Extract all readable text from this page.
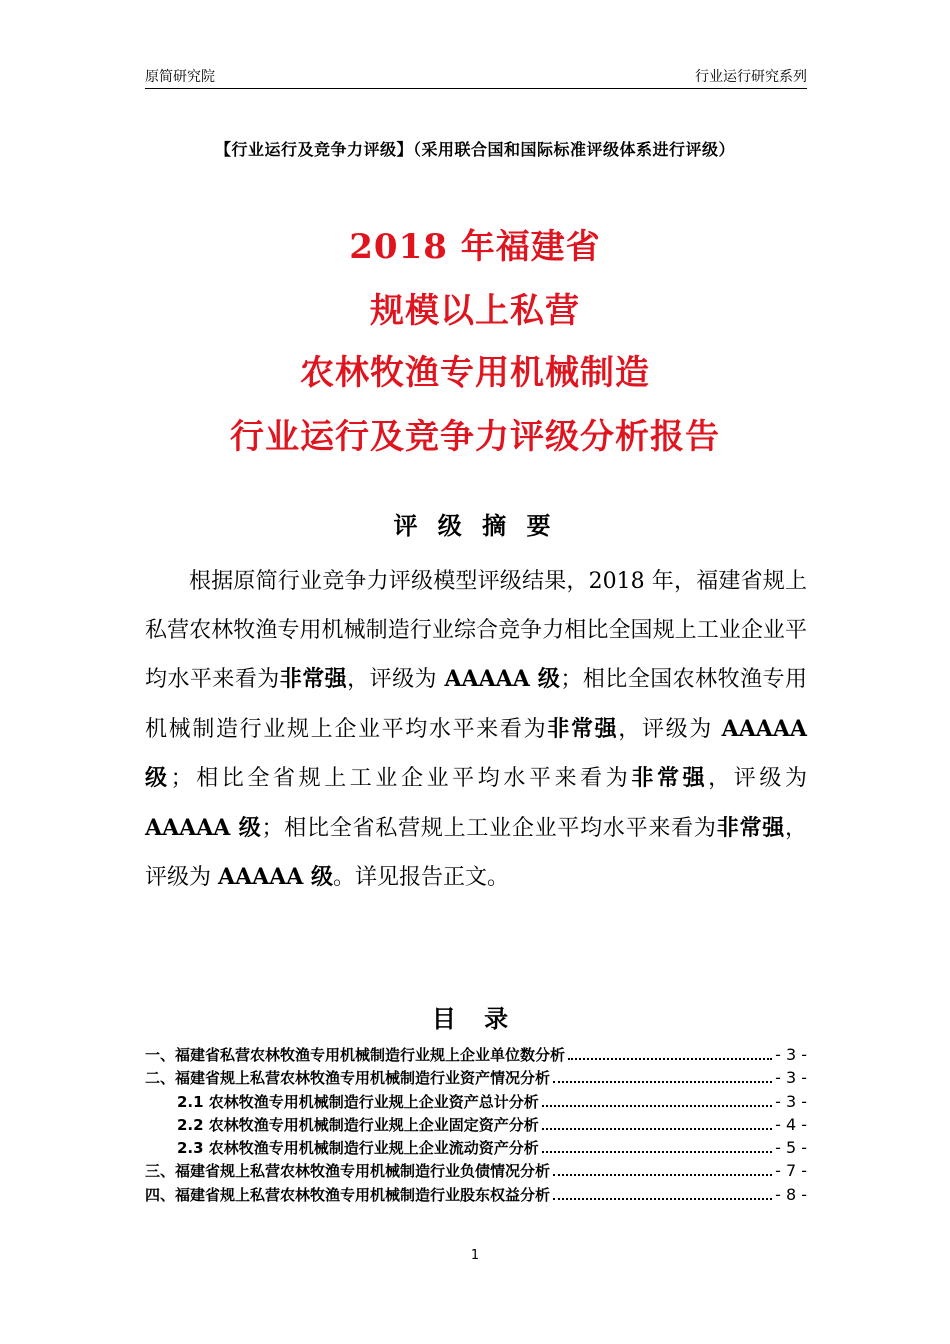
原简研究院	行业运行研究系列
【行业运行及竞争力评级】（采用联合国和国际标准评级体系进行评级）
2018 年福建省
规模以上私营
农林牧渔专用机械制造
行业运行及竞争力评级分析报告
评 级 摘 要

根据原简行业竞争力评级模型评级结果，2018 年，福建省规上私营农林牧渔专用机械制造行业综合竞争力相比全国规上工业企业平均水平来看为非常强，评级为 AAAAA 级；相比全国农林牧渔专用机械制造行业规上企业平均水平来看为非常强，评级为 AAAAA 级；相比全省规上工业企业平均水平来看为非常强，评级为 AAAAA 级；相比全省私营规上工业企业平均水平来看为非常强，评级为 AAAAA 级。详见报告正文。

目 录
一、福建省私营农林牧渔专用机械制造行业规上企业单位数分析	- 3 -
二、福建省规上私营农林牧渔专用机械制造行业资产情况分析	- 3 -
2.1 农林牧渔专用机械制造行业规上企业资产总计分析	- 3 -
2.2 农林牧渔专用机械制造行业规上企业固定资产分析	- 4 -
2.3 农林牧渔专用机械制造行业规上企业流动资产分析	- 5 -
三、福建省规上私营农林牧渔专用机械制造行业负债情况分析	- 7 -
四、福建省规上私营农林牧渔专用机械制造行业股东权益分析	- 8 -
1
